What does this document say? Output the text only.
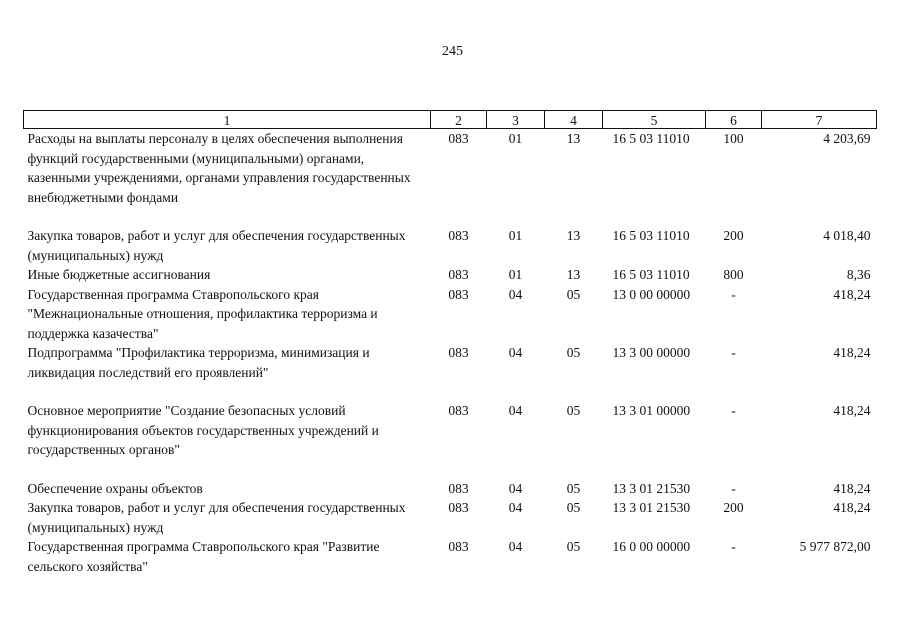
245
1	2	3	4	5	6	7
Расходы на выплаты персоналу в целях обеспечения выполнения функций государственными (муниципальными) органами, казенными учреждениями, органами управления государственных внебюджетными фондами	083	01	13	16 5 03 11010	100	4 203,69
Закупка товаров, работ и услуг для обеспечения государственных (муниципальных) нужд	083	01	13	16 5 03 11010	200	4 018,40
Иные бюджетные ассигнования	083	01	13	16 5 03 11010	800	8,36
Государственная программа Ставропольского края "Межнациональные отношения, профилактика терроризма и поддержка казачества"	083	04	05	13 0 00 00000	-	418,24
Подпрограмма "Профилактика терроризма, минимизация и ликвидация последствий его проявлений"	083	04	05	13 3 00 00000	-	418,24
Основное мероприятие "Создание безопасных условий функционирования объектов государственных учреждений и государственных органов"	083	04	05	13 3 01 00000	-	418,24
Обеспечение охраны объектов	083	04	05	13 3 01 21530	-	418,24
Закупка товаров, работ и услуг для обеспечения государственных (муниципальных) нужд	083	04	05	13 3 01 21530	200	418,24
Государственная программа Ставропольского края "Развитие сельского хозяйства"	083	04	05	16 0 00 00000	-	5 977 872,00
